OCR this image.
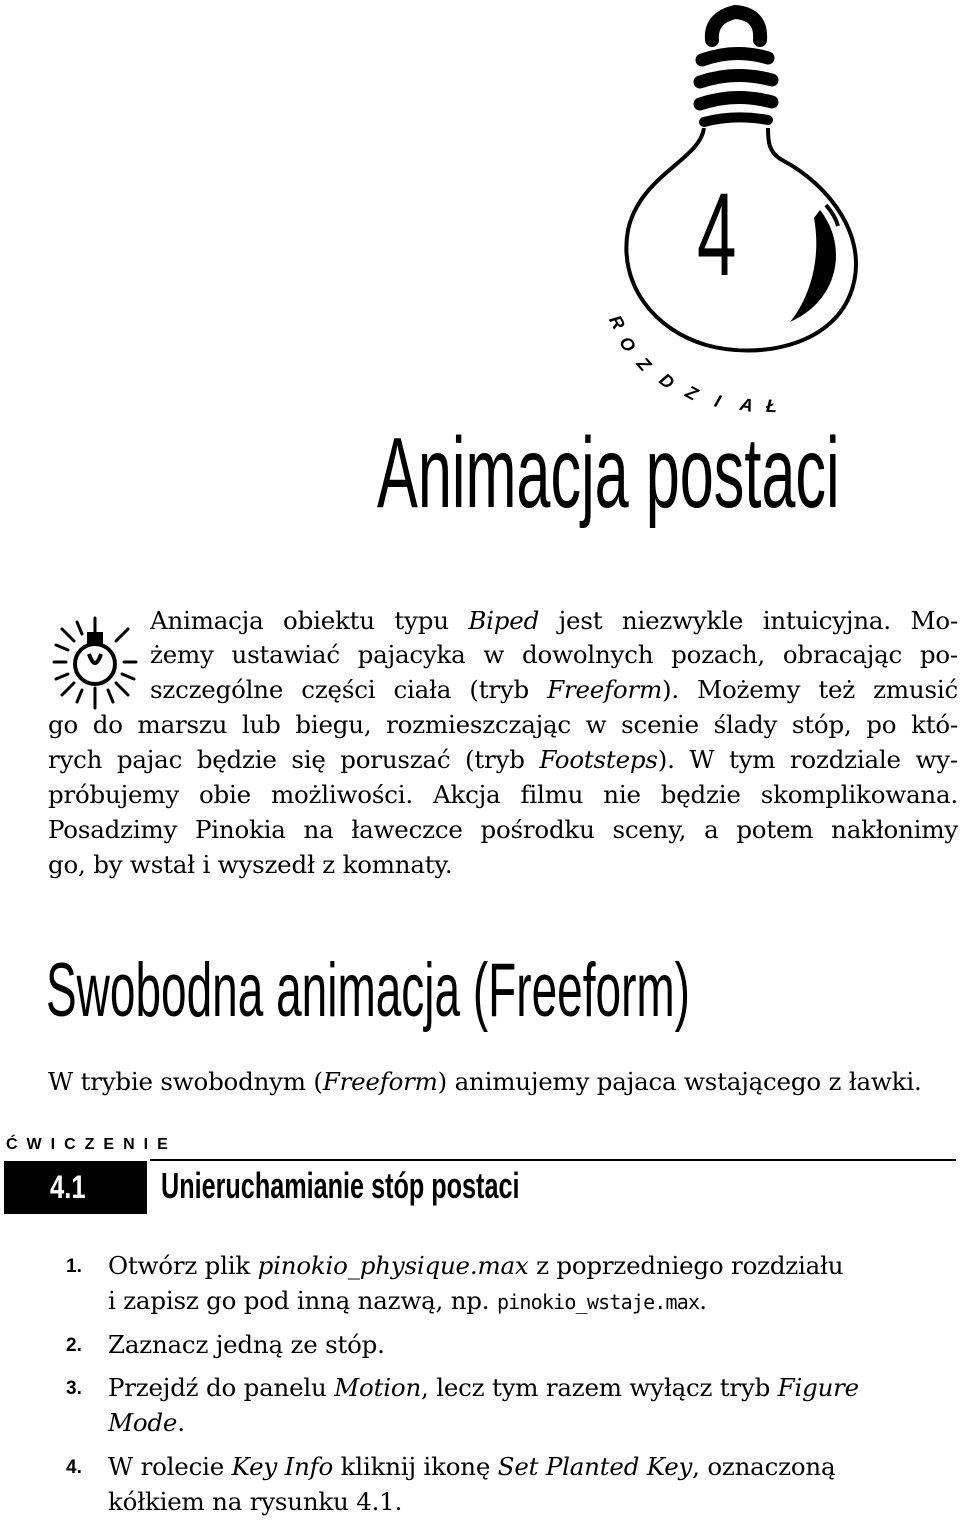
4
R
O
Z
D
Z I A Ł
Animacja postaci
Animacja obiektu typu Biped jest niezwykle intuicyjna. Mo-
żemy ustawiać pajacyka w dowolnych pozach, obracając po-
szczególne części ciała (tryb Freeform). Możemy też zmusić
go do marszu lub biegu, rozmieszczając w scenie ślady stóp, po któ-
rych pajac będzie się poruszać (tryb Footsteps). W tym rozdziale wy-
próbujemy obie możliwości. Akcja filmu nie będzie skomplikowana.
Posadzimy Pinokia na ławeczce pośrodku sceny, a potem nakłonimy
go, by wstał i wyszedł z komnaty.
Swobodna animacja (Freeform)
W trybie swobodnym (Freeform) animujemy pajaca wstającego z ławki.
ĆWICZENIE
4.1 Unieruchamianie stóp postaci
1. Otwórz plik pinokio_physique.max z poprzedniego rozdziału
i zapisz go pod inną nazwą, np. pinokio_wstaje.max.
2. Zaznacz jedną ze stóp.
3. Przejdź do panelu Motion, lecz tym razem wyłącz tryb Figure
Mode.
4. W rolecie Key Info kliknij ikonę Set Planted Key, oznaczoną
kółkiem na rysunku 4.1.
